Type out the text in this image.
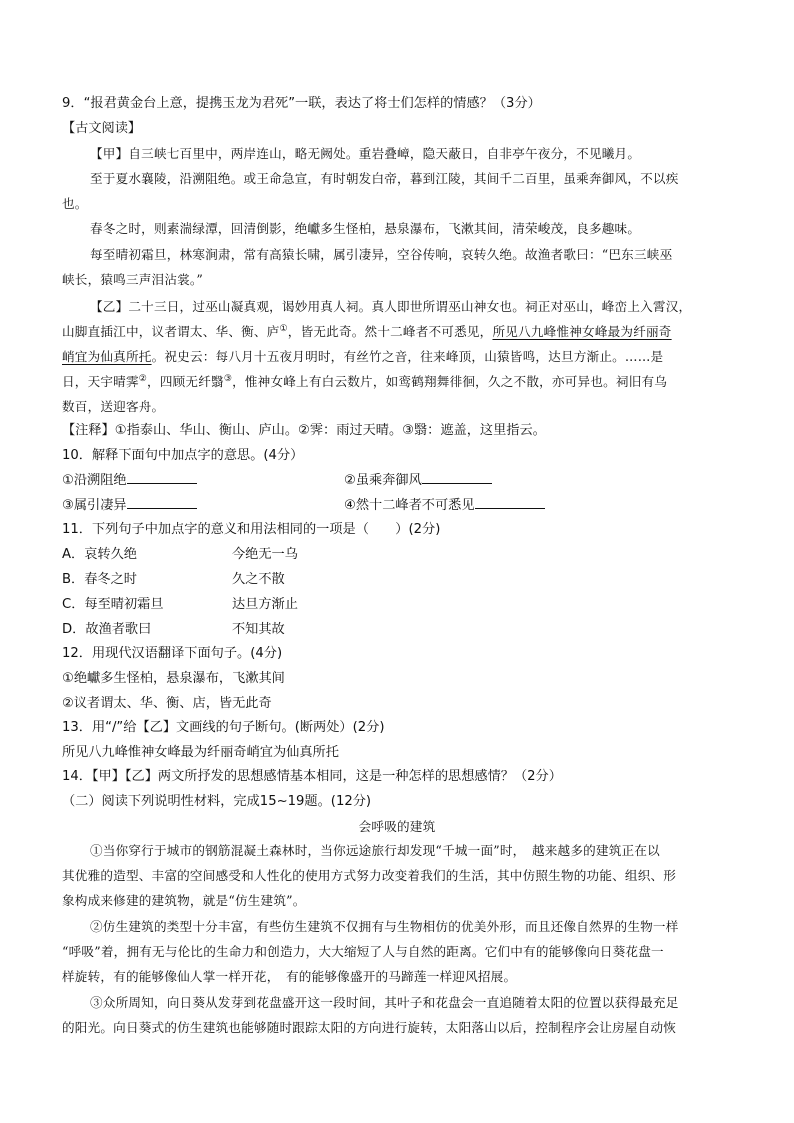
9．“报君黄金台上意，提携玉龙为君死”一联，表达了将士们怎样的情感？（3分）
【古文阅读】
【甲】自三峡七百里中，两岸连山，略无阙处。重岩叠嶂，隐天蔽日，自非亭午夜分，不见曦月。
至于夏水襄陵，沿溯阻绝。或王命急宣，有时朝发白帝，暮到江陵，其间千二百里，虽乘奔御风，不以疾
也。
春冬之时，则素湍绿潭，回清倒影，绝巘多生怪柏，悬泉瀑布，飞漱其间，清荣峻茂，良多趣味。
每至晴初霜旦，林寒涧肃，常有高猿长啸，属引凄异，空谷传响，哀转久绝。故渔者歌曰：“巴东三峡巫
峡长，猿鸣三声泪沾裳。”
【乙】二十三日，过巫山凝真观，谒妙用真人祠。真人即世所谓巫山神女也。祠正对巫山，峰峦上入霄汉，
山脚直插江中，议者谓太、华、衡、庐①，皆无此奇。然十二峰者不可悉见，所见八九峰惟神女峰最为纤丽奇
峭宜为仙真所托。祝史云：每八月十五夜月明时，有丝竹之音，往来峰顶，山猿皆鸣，达旦方渐止。……是
日，天宇晴霁②，四顾无纤翳③，惟神女峰上有白云数片，如鸾鹤翔舞徘徊，久之不散，亦可异也。祠旧有乌
数百，送迎客舟。
【注释】①指泰山、华山、衡山、庐山。②霁：雨过天晴。③翳：遮盖，这里指云。
10．解释下面句中加点字的意思。(4分）
①沿溯阻绝	②虽乘奔御风
③属引凄异	④然十二峰者不可悉见
11．下列句子中加点字的意义和用法相同的一项是（　　）(2分)
A．哀转久绝	今绝无一乌
B．春冬之时	久之不散
C．每至晴初霜旦	达旦方渐止
D．故渔者歌曰	不知其故
12．用现代汉语翻译下面句子。(4分)
①绝巘多生怪柏，悬泉瀑布，飞漱其间
②议者谓太、华、衡、店，皆无此奇
13．用“/”给【乙】文画线的句子断句。(断两处）(2分)
所见八九峰惟神女峰最为纤丽奇峭宜为仙真所托
14．【甲】【乙】两文所抒发的思想感情基本相同，这是一种怎样的思想感情？（2分）
（二）阅读下列说明性材料，完成15~19题。(12分)
会呼吸的建筑
①当你穿行于城市的钢筋混凝土森林时，当你远途旅行却发现“千城一面”时，　越来越多的建筑正在以
其优雅的造型、丰富的空间感受和人性化的使用方式努力改变着我们的生活，其中仿照生物的功能、组织、形
象构成来修建的建筑物，就是“仿生建筑”。
②仿生建筑的类型十分丰富，有些仿生建筑不仅拥有与生物相仿的优美外形，而且还像自然界的生物一样
“呼吸”着，拥有无与伦比的生命力和创造力，大大缩短了人与自然的距离。它们中有的能够像向日葵花盘一
样旋转，有的能够像仙人掌一样开花，　有的能够像盛开的马蹄莲一样迎风招展。
③众所周知，向日葵从发芽到花盘盛开这一段时间，其叶子和花盘会一直追随着太阳的位置以获得最充足
的阳光。向日葵式的仿生建筑也能够随时跟踪太阳的方向进行旋转，太阳落山以后，控制程序会让房屋自动恢
